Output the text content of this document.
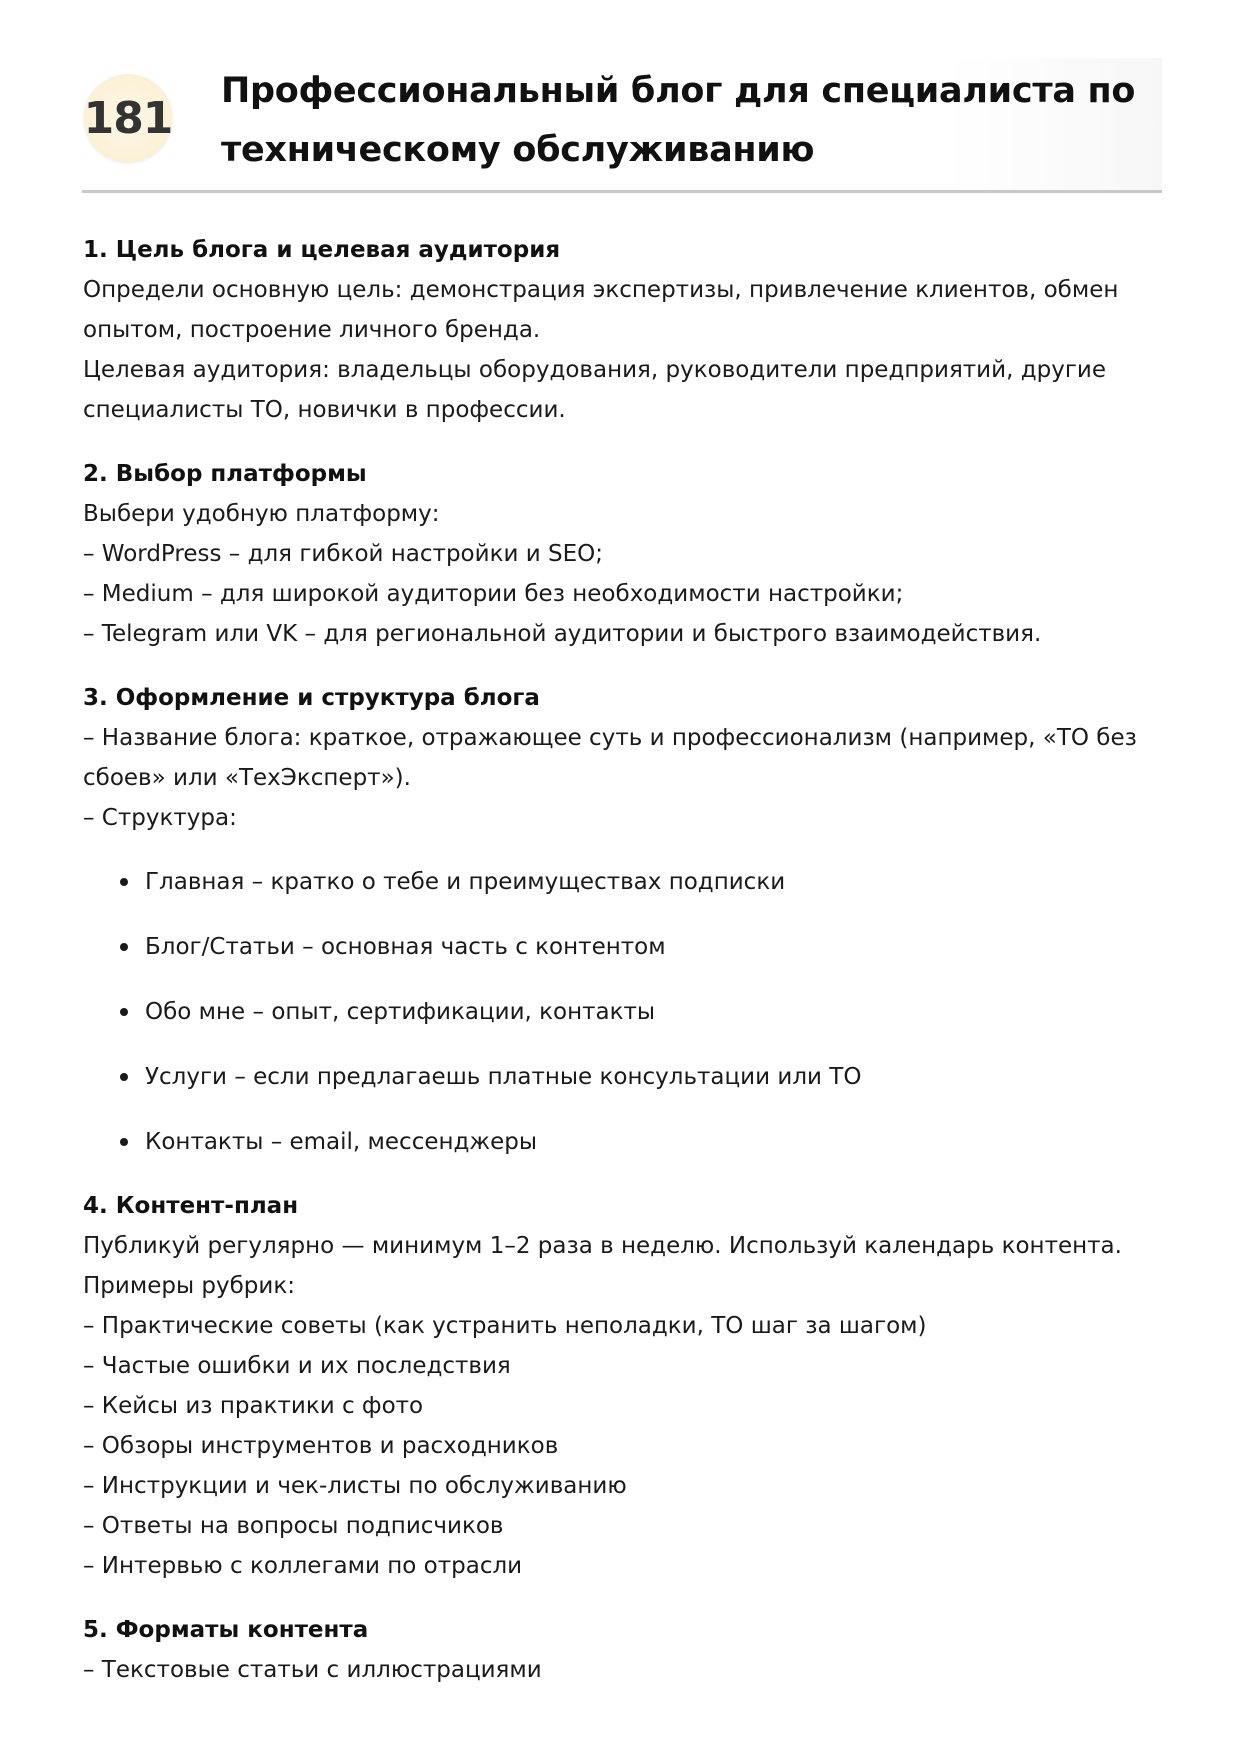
181
Профессиональный блог для специалиста по
техническому обслуживанию
1. Цель блога и целевая аудитория
Определи основную цель: демонстрация экспертизы, привлечение клиентов, обмен
опытом, построение личного бренда.
Целевая аудитория: владельцы оборудования, руководители предприятий, другие
специалисты ТО, новички в профессии.
2. Выбор платформы
Выбери удобную платформу:
– WordPress – для гибкой настройки и SEO;
– Medium – для широкой аудитории без необходимости настройки;
– Telegram или VK – для региональной аудитории и быстрого взаимодействия.
3. Оформление и структура блога
– Название блога: краткое, отражающее суть и профессионализм (например, «ТО без
сбоев» или «ТехЭксперт»).
– Структура:
Главная – кратко о тебе и преимуществах подписки
Блог/Статьи – основная часть с контентом
Обо мне – опыт, сертификации, контакты
Услуги – если предлагаешь платные консультации или ТО
Контакты – email, мессенджеры
4. Контент-план
Публикуй регулярно — минимум 1–2 раза в неделю. Используй календарь контента.
Примеры рубрик:
– Практические советы (как устранить неполадки, ТО шаг за шагом)
– Частые ошибки и их последствия
– Кейсы из практики с фото
– Обзоры инструментов и расходников
– Инструкции и чек-листы по обслуживанию
– Ответы на вопросы подписчиков
– Интервью с коллегами по отрасли
5. Форматы контента
– Текстовые статьи с иллюстрациями
